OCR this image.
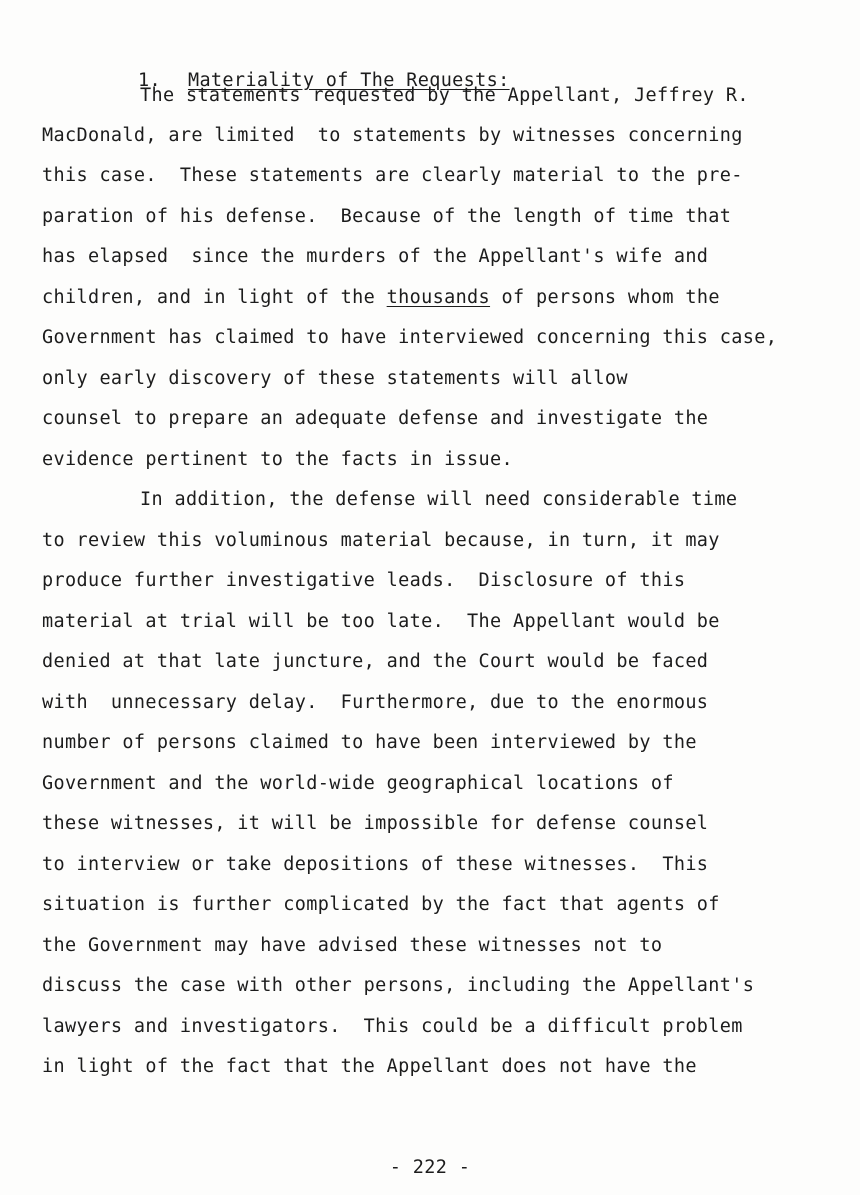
1. Materiality of The Requests:

The statements requested by the Appellant, Jeffrey R.
MacDonald, are limited  to statements by witnesses concerning
this case.  These statements are clearly material to the pre-
paration of his defense.  Because of the length of time that
has elapsed  since the murders of the Appellant's wife and
children, and in light of the thousands of persons whom the
Government has claimed to have interviewed concerning this case,
only early discovery of these statements will allow
counsel to prepare an adequate defense and investigate the
evidence pertinent to the facts in issue.
In addition, the defense will need considerable time
to review this voluminous material because, in turn, it may
produce further investigative leads.  Disclosure of this
material at trial will be too late.  The Appellant would be
denied at that late juncture, and the Court would be faced
with  unnecessary delay.  Furthermore, due to the enormous
number of persons claimed to have been interviewed by the
Government and the world-wide geographical locations of
these witnesses, it will be impossible for defense counsel
to interview or take depositions of these witnesses.  This
situation is further complicated by the fact that agents of
the Government may have advised these witnesses not to
discuss the case with other persons, including the Appellant's
lawyers and investigators.  This could be a difficult problem
in light of the fact that the Appellant does not have the
- 222 -
